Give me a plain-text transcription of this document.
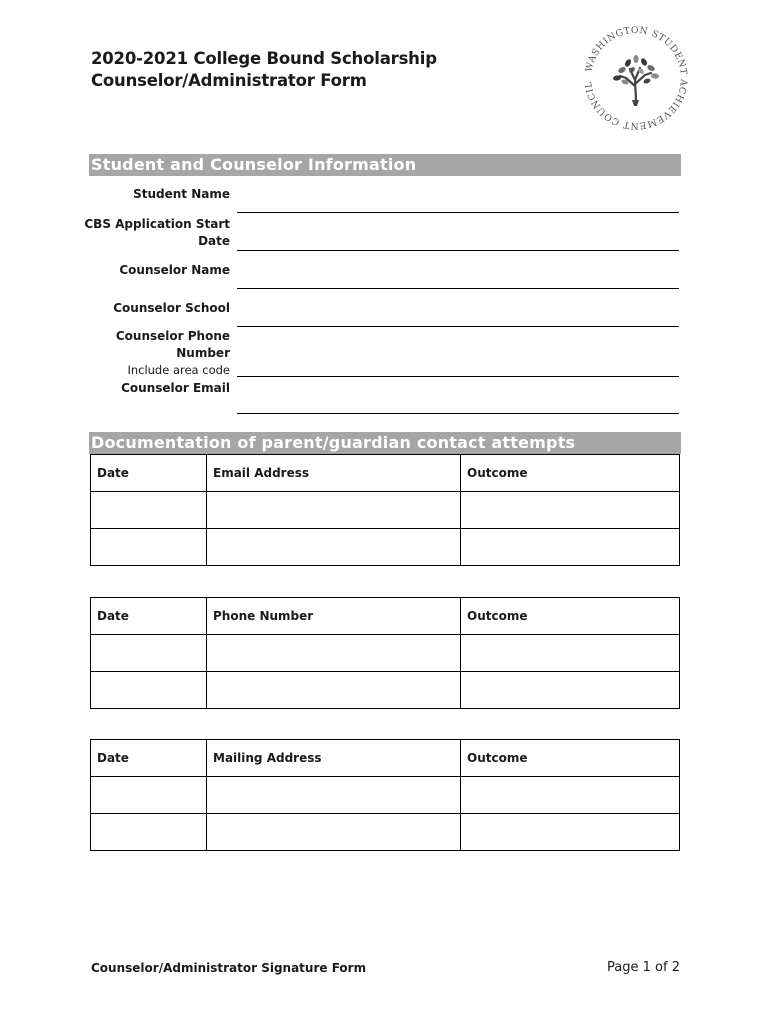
2020-2021 College Bound Scholarship
Counselor/Administrator Form
WASHINGTON STUDENT ACHIEVEMENT COUNCIL
Student and Counselor Information
Student Name
CBS Application Start
Date
Counselor Name
Counselor School
Counselor Phone
Number
Include area code
Counselor Email
Documentation of parent/guardian contact attempts
Date	Email Address	Outcome

Date	Phone Number	Outcome

Date	Mailing Address	Outcome

Counselor/Administrator Signature Form	Page 1 of 2
